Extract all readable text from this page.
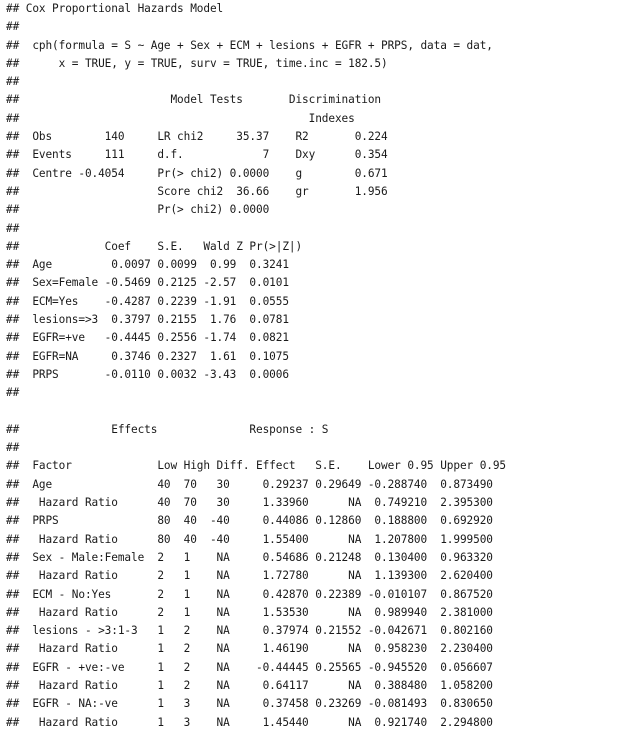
## Cox Proportional Hazards Model
##
##  cph(formula = S ~ Age + Sex + ECM + lesions + EGFR + PRPS, data = dat,
##      x = TRUE, y = TRUE, surv = TRUE, time.inc = 182.5)
##
##                       Model Tests       Discrimination
##                                            Indexes
##  Obs        140     LR chi2     35.37    R2       0.224
##  Events     111     d.f.            7    Dxy      0.354
##  Centre -0.4054     Pr(> chi2) 0.0000    g        0.671
##                     Score chi2  36.66    gr       1.956
##                     Pr(> chi2) 0.0000
##
##             Coef    S.E.   Wald Z Pr(>|Z|)
##  Age         0.0097 0.0099  0.99  0.3241
##  Sex=Female -0.5469 0.2125 -2.57  0.0101
##  ECM=Yes    -0.4287 0.2239 -1.91  0.0555
##  lesions=>3  0.3797 0.2155  1.76  0.0781
##  EGFR=+ve   -0.4445 0.2556 -1.74  0.0821
##  EGFR=NA     0.3746 0.2327  1.61  0.1075
##  PRPS       -0.0110 0.0032 -3.43  0.0006
##
##              Effects              Response : S
##
##  Factor             Low High Diff. Effect   S.E.    Lower 0.95 Upper 0.95
##  Age                40  70   30     0.29237 0.29649 -0.288740  0.873490
##   Hazard Ratio      40  70   30     1.33960      NA  0.749210  2.395300
##  PRPS               80  40  -40     0.44086 0.12860  0.188800  0.692920
##   Hazard Ratio      80  40  -40     1.55400      NA  1.207800  1.999500
##  Sex - Male:Female  2   1    NA     0.54686 0.21248  0.130400  0.963320
##   Hazard Ratio      2   1    NA     1.72780      NA  1.139300  2.620400
##  ECM - No:Yes       2   1    NA     0.42870 0.22389 -0.010107  0.867520
##   Hazard Ratio      2   1    NA     1.53530      NA  0.989940  2.381000
##  lesions - >3:1-3   1   2    NA     0.37974 0.21552 -0.042671  0.802160
##   Hazard Ratio      1   2    NA     1.46190      NA  0.958230  2.230400
##  EGFR - +ve:-ve     1   2    NA    -0.44445 0.25565 -0.945520  0.056607
##   Hazard Ratio      1   2    NA     0.64117      NA  0.388480  1.058200
##  EGFR - NA:-ve      1   3    NA     0.37458 0.23269 -0.081493  0.830650
##   Hazard Ratio      1   3    NA     1.45440      NA  0.921740  2.294800
